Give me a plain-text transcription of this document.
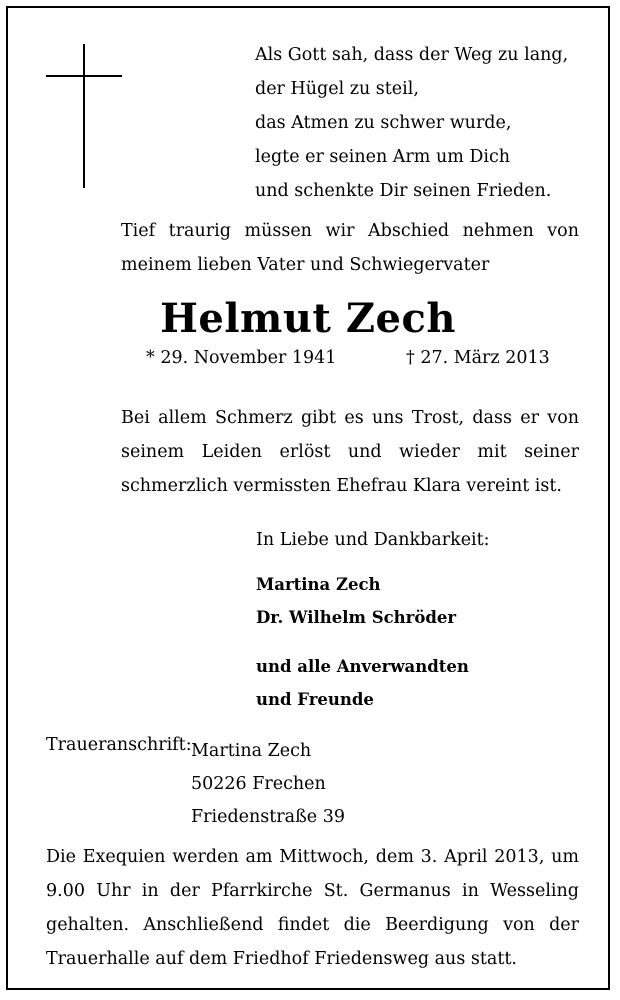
Als Gott sah, dass der Weg zu lang,
der Hügel zu steil,
das Atmen zu schwer wurde,
legte er seinen Arm um Dich
und schenkte Dir seinen Frieden.
Tief traurig müssen wir Abschied nehmen von meinem lieben Vater und Schwiegervater
Helmut Zech
* 29. November 1941	† 27. März 2013
Bei allem Schmerz gibt es uns Trost, dass er von seinem Leiden erlöst und wieder mit seiner schmerzlich vermissten Ehefrau Klara vereint ist.
In Liebe und Dankbarkeit:
Martina Zech
Dr. Wilhelm Schröder
und alle Anverwandten
und Freunde
Traueranschrift: Martina Zech
50226 Frechen
Friedenstraße 39
Die Exequien werden am Mittwoch, dem 3. April 2013, um 9.00 Uhr in der Pfarrkirche St. Germanus in Wesseling gehalten. Anschließend findet die Beerdigung von der Trauerhalle auf dem Friedhof Friedensweg aus statt.
